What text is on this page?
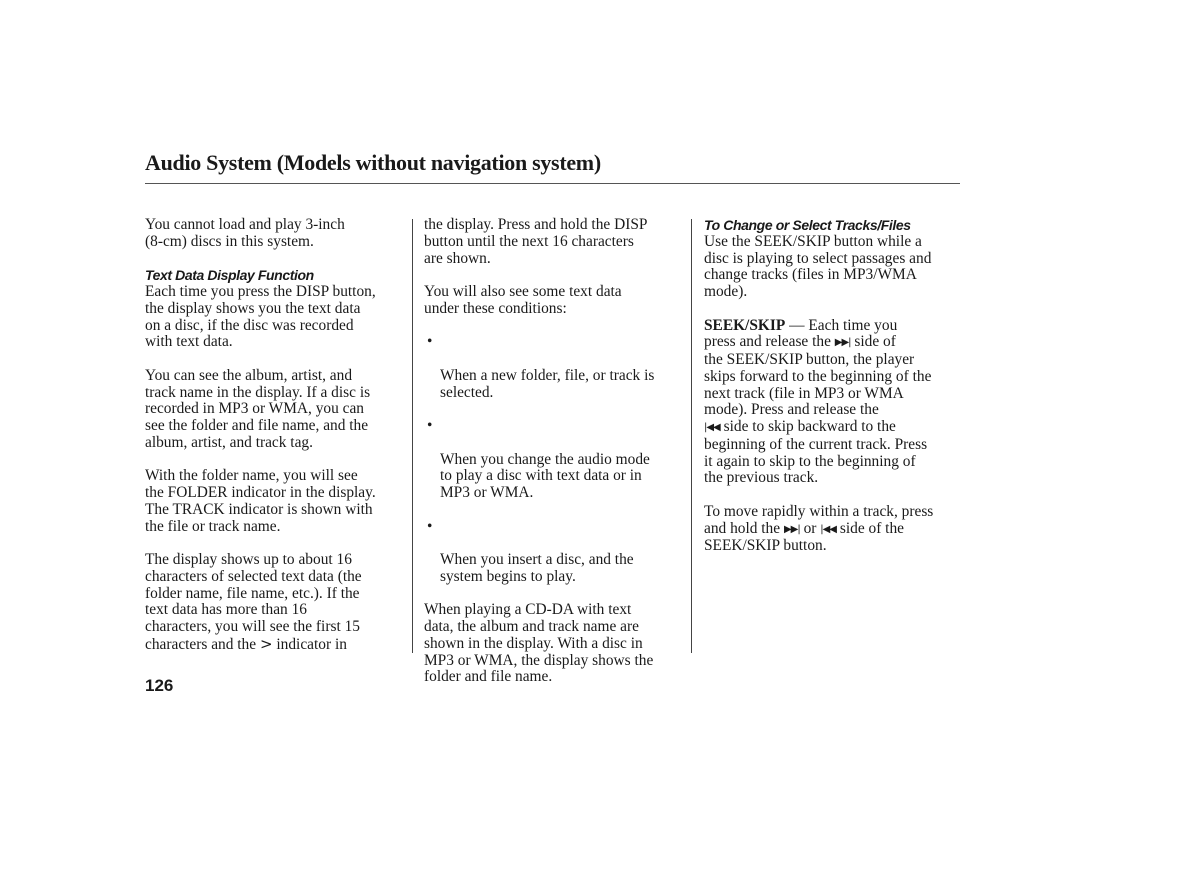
Audio System (Models without navigation system)

You cannot load and play 3-inch
(8-cm) discs in this system.

Text Data Display Function

Each time you press the DISP button,
the display shows you the text data
on a disc, if the disc was recorded
with text data.

You can see the album, artist, and
track name in the display. If a disc is
recorded in MP3 or WMA, you can
see the folder and file name, and the
album, artist, and track tag.

With the folder name, you will see
the FOLDER indicator in the display.
The TRACK indicator is shown with
the file or track name.

The display shows up to about 16
characters of selected text data (the
folder name, file name, etc.). If the
text data has more than 16
characters, you will see the first 15
characters and the > indicator in

the display. Press and hold the DISP
button until the next 16 characters
are shown.

You will also see some text data
under these conditions:

•

When a new folder, file, or track is
selected.

•

When you change the audio mode
to play a disc with text data or in
MP3 or WMA.

•

When you insert a disc, and the
system begins to play.

When playing a CD-DA with text
data, the album and track name are
shown in the display. With a disc in
MP3 or WMA, the display shows the
folder and file name.

To Change or Select Tracks/Files

Use the SEEK/SKIP button while a
disc is playing to select passages and
change tracks (files in MP3/WMA
mode).

SEEK/SKIP — Each time you
press and release the ▶▶| side of
the SEEK/SKIP button, the player
skips forward to the beginning of the
next track (file in MP3 or WMA
mode). Press and release the
|◀◀ side to skip backward to the
beginning of the current track. Press
it again to skip to the beginning of
the previous track.

To move rapidly within a track, press
and hold the ▶▶| or |◀◀ side of the
SEEK/SKIP button.

126
